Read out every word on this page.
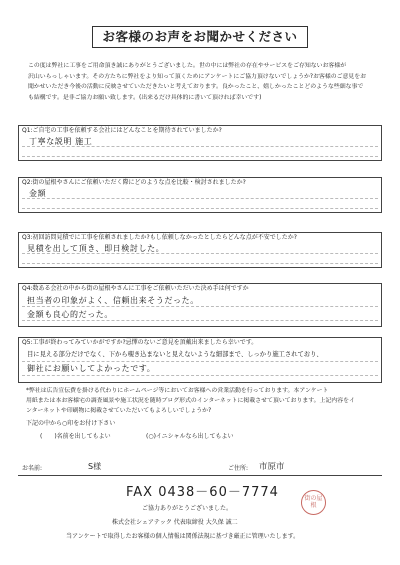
お客様のお声をお聞かせください
この度は弊社に工事をご用命頂き誠にありがとうございました。世の中には弊社の存在やサービスをご存知ないお客様が
沢山いらっしゃいます。その方たちに弊社をより知って頂くためにアンケートにご協力頂けないでしょうか?お客様のご意見をお
聞かせいただき今後の活動に反映させていただきたいと考えております。良かったこと、嬉しかったことどのような些細な事で
も結構です。是非ご協力お願い致します。(出来るだけ具体的に書いて頂ければ幸いです)
Q1:ご自宅の工事を依頼する会社にはどんなことを期待されていましたか?
丁寧な説明 施工
Q2:街の屋根やさんにご依頼いただく際にどのような点を比較・検討されましたか?
金額
Q3:初回訪問見積でに工事を依頼されましたか?もし依頼しなかったとしたらどんな点が不安でしたか?
見積を出して頂き、即日検討した。
Q4:数ある会社の中から街の屋根やさんに工事をご依頼いただいた決め手は何ですか
担当者の印象がよく、信頼出来そうだった。
金額も良心的だった。
Q5:工事が終わってみていかがですか?忌憚のないご意見を頂戴出来ましたら幸いです。
目に見える部分だけでなく、下から覗き込まないと見えないような細部まで、しっかり施工されており、
御社にお願いしてよかったです。
*弊社は広告宣伝費を掛ける代わりにホームページ等においてお客様への営業活動を行っております。本アンケート
用紙または本お客様宅の調査風景や施工状況を随時ブログ形式のインターネットに掲載させて頂いております。上記内容をイ
ンターネットや印刷物に掲載させていただいてもよろしいでしょうか?
下記の中から○印をお付け下さい
(　　)名前を出してもよい	(○)イニシャルなら出してもよい
お名前:	S様	ご住所: 市原市
FAX 0438－60－7774	街の屋根
ご協力ありがとうございました。
株式会社シェアテック 代表取締役 大久保 誠二
当アンケートで取得したお客様の個人情報は関係法規に基づき厳正に管理いたします。
